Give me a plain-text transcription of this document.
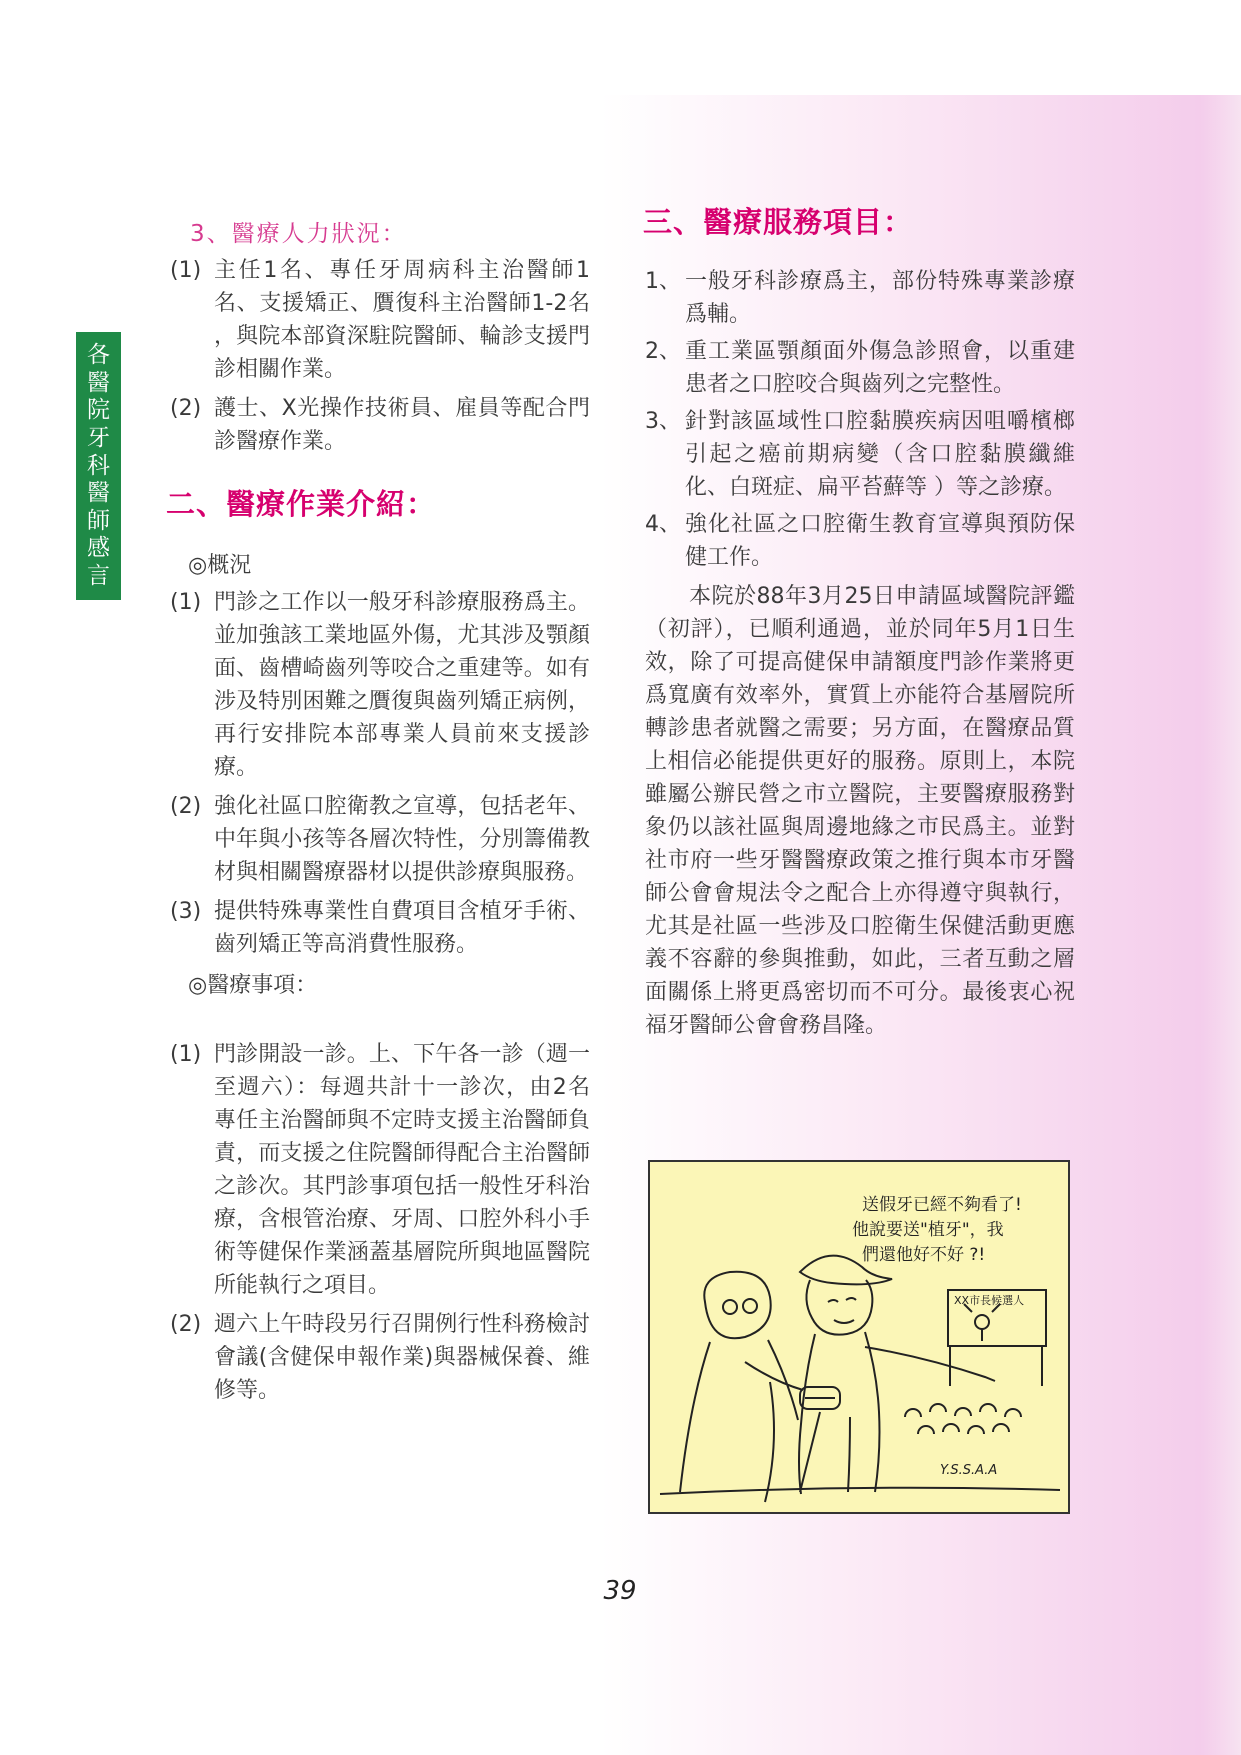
各
醫
院
牙
科
醫
師
感
言
3、醫療人力狀況：
(1) 主任1名、專任牙周病科主治醫師1名、支援矯正、贋復科主治醫師1-2名 ，與院本部資深駐院醫師、輪診支援門診相關作業。
(2) 護士、X光操作技術員、雇員等配合門診醫療作業。
二、醫療作業介紹：
◎概況
(1) 門診之工作以一般牙科診療服務爲主。並加強該工業地區外傷，尤其涉及顎顏面、齒槽崎齒列等咬合之重建等。如有涉及特別困難之贋復與齒列矯正病例，再行安排院本部專業人員前來支援診療。
(2) 強化社區口腔衛教之宣導，包括老年、中年與小孩等各層次特性，分別籌備教材與相關醫療器材以提供診療與服務。
(3) 提供特殊專業性自費項目含植牙手術、齒列矯正等高消費性服務。
◎醫療事項：
(1) 門診開設一診。上、下午各一診（週一至週六）：每週共計十一診次，由2名專任主治醫師與不定時支援主治醫師負責，而支援之住院醫師得配合主治醫師之診次。其門診事項包括一般性牙科治療，含根管治療、牙周、口腔外科小手術等健保作業涵蓋基層院所與地區醫院所能執行之項目。
(2) 週六上午時段另行召開例行性科務檢討會議(含健保申報作業)與器械保養、維修等。
三、醫療服務項目：
1、 一般牙科診療爲主，部份特殊專業診療爲輔。
2、 重工業區顎顏面外傷急診照會，以重建患者之口腔咬合與齒列之完整性。
3、 針對該區域性口腔黏膜疾病因咀嚼檳榔引起之癌前期病變（含口腔黏膜纖維化、白斑症、扁平苔蘚等 ）等之診療。
4、 強化社區之口腔衛生教育宣導與預防保健工作。
本院於88年3月25日申請區域醫院評鑑（初評），已順利通過，並於同年5月1日生效，除了可提高健保申請額度門診作業將更爲寬廣有效率外，實質上亦能符合基層院所轉診患者就醫之需要；另方面，在醫療品質上相信必能提供更好的服務。原則上，本院雖屬公辦民營之市立醫院，主要醫療服務對象仍以該社區與周邊地緣之市民爲主。並對社市府一些牙醫醫療政策之推行與本市牙醫師公會會規法令之配合上亦得遵守與執行，尤其是社區一些涉及口腔衛生保健活動更應義不容辭的參與推動，如此，三者互動之層面關係上將更爲密切而不可分。最後衷心祝福牙醫師公會會務昌隆。
送假牙已經不夠看了!
他說要送"植牙"，我
們還他好不好 ?!
XX市長候選人
Y.S.S.A.A
39
